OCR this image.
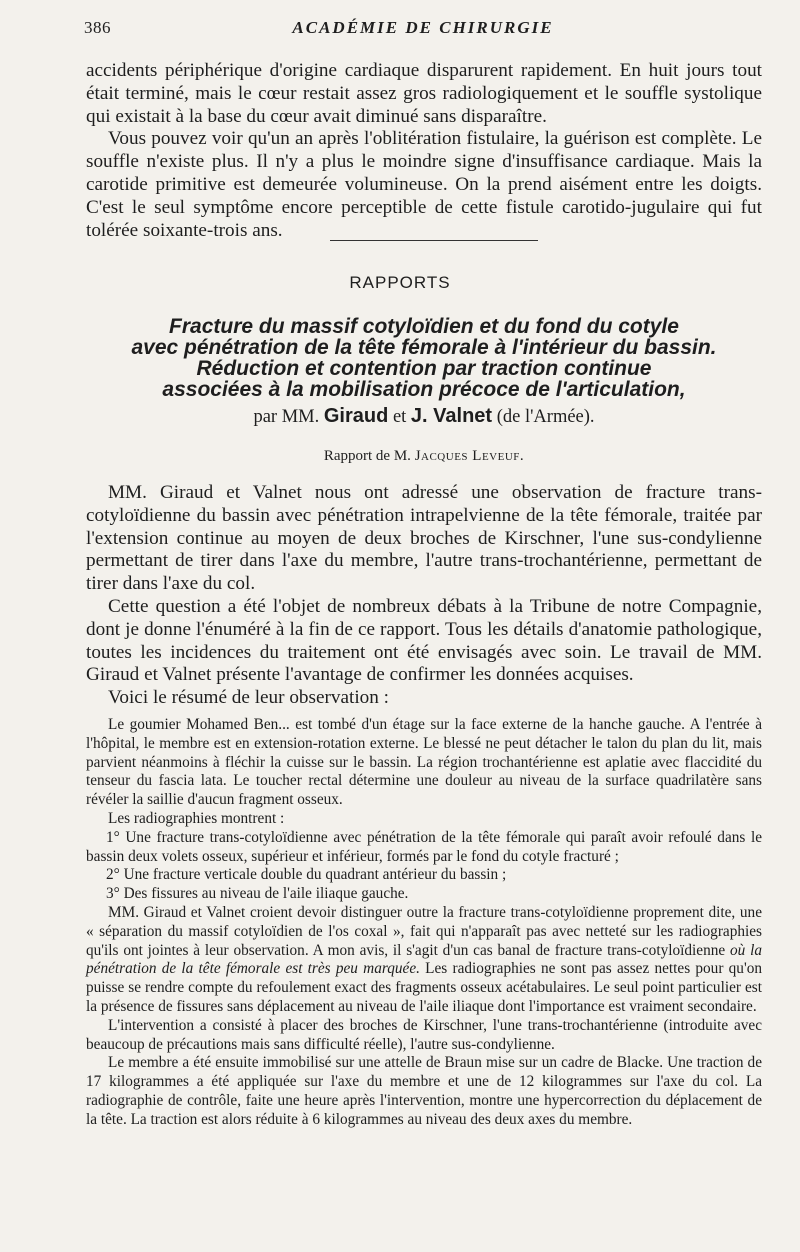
386	ACADÉMIE DE CHIRURGIE

accidents périphérique d'origine cardiaque disparurent rapidement. En huit jours tout était terminé, mais le cœur restait assez gros radiologiquement et le souffle systolique qui existait à la base du cœur avait diminué sans disparaître.

Vous pouvez voir qu'un an après l'oblitération fistulaire, la guérison est complète. Le souffle n'existe plus. Il n'y a plus le moindre signe d'insuffisance cardiaque. Mais la carotide primitive est demeurée volumineuse. On la prend aisément entre les doigts. C'est le seul symptôme encore perceptible de cette fistule carotido-jugulaire qui fut tolérée soixante-trois ans.

RAPPORTS
Fracture du massif cotyloïdien et du fond du cotyle
avec pénétration de la tête fémorale à l'intérieur du bassin.
Réduction et contention par traction continue
associées à la mobilisation précoce de l'articulation,
par MM. Giraud et J. Valnet (de l'Armée).
Rapport de M. Jacques Leveuf.

MM. Giraud et Valnet nous ont adressé une observation de fracture trans-cotyloïdienne du bassin avec pénétration intrapelvienne de la tête fémorale, traitée par l'extension continue au moyen de deux broches de Kirschner, l'une sus-condylienne permettant de tirer dans l'axe du membre, l'autre trans-trochantérienne, permettant de tirer dans l'axe du col.

Cette question a été l'objet de nombreux débats à la Tribune de notre Compagnie, dont je donne l'énuméré à la fin de ce rapport. Tous les détails d'anatomie pathologique, toutes les incidences du traitement ont été envisagés avec soin. Le travail de MM. Giraud et Valnet présente l'avantage de confirmer les données acquises.

Voici le résumé de leur observation :

Le goumier Mohamed Ben... est tombé d'un étage sur la face externe de la hanche gauche. A l'entrée à l'hôpital, le membre est en extension-rotation externe. Le blessé ne peut détacher le talon du plan du lit, mais parvient néanmoins à fléchir la cuisse sur le bassin. La région trochantérienne est aplatie avec flaccidité du tenseur du fascia lata. Le toucher rectal détermine une douleur au niveau de la surface quadrilatère sans révéler la saillie d'aucun fragment osseux.

Les radiographies montrent :

1° Une fracture trans-cotyloïdienne avec pénétration de la tête fémorale qui paraît avoir refoulé dans le bassin deux volets osseux, supérieur et inférieur, formés par le fond du cotyle fracturé ;

2° Une fracture verticale double du quadrant antérieur du bassin ;

3° Des fissures au niveau de l'aile iliaque gauche.

MM. Giraud et Valnet croient devoir distinguer outre la fracture trans-cotyloïdienne proprement dite, une « séparation du massif cotyloïdien de l'os coxal », fait qui n'apparaît pas avec netteté sur les radiographies qu'ils ont jointes à leur observation. A mon avis, il s'agit d'un cas banal de fracture trans-cotyloïdienne où la pénétration de la tête fémorale est très peu marquée. Les radiographies ne sont pas assez nettes pour qu'on puisse se rendre compte du refoulement exact des fragments osseux acétabulaires. Le seul point particulier est la présence de fissures sans déplacement au niveau de l'aile iliaque dont l'importance est vraiment secondaire.

L'intervention a consisté à placer des broches de Kirschner, l'une trans-trochantérienne (introduite avec beaucoup de précautions mais sans difficulté réelle), l'autre sus-condylienne.

Le membre a été ensuite immobilisé sur une attelle de Braun mise sur un cadre de Blacke. Une traction de 17 kilogrammes a été appliquée sur l'axe du membre et une de 12 kilogrammes sur l'axe du col. La radiographie de contrôle, faite une heure après l'intervention, montre une hypercorrection du déplacement de la tête. La traction est alors réduite à 6 kilogrammes au niveau des deux axes du membre.
